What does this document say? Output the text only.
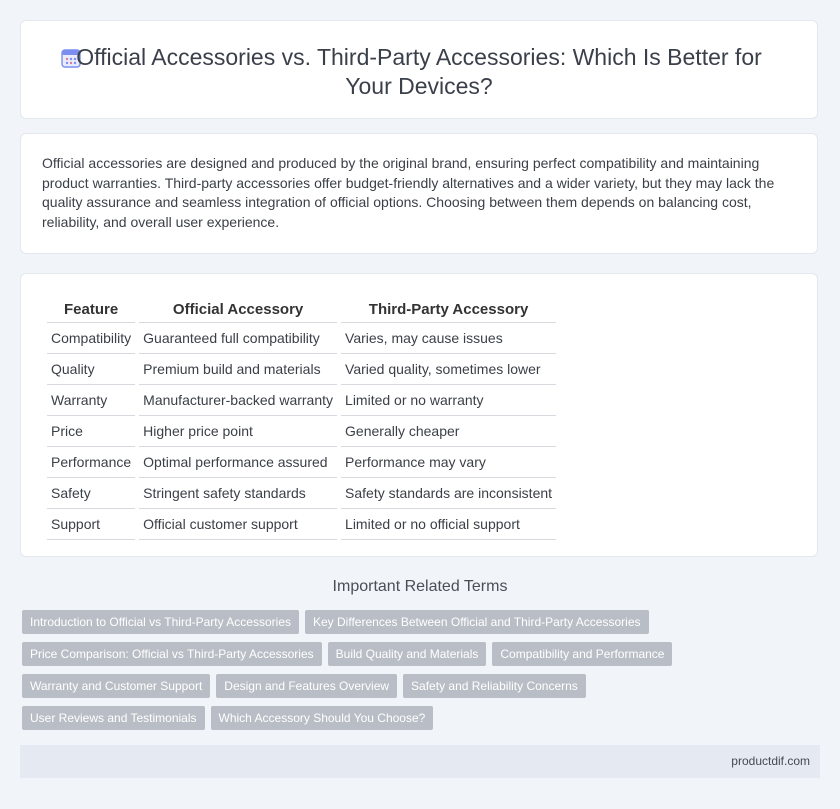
Official Accessories vs. Third-Party Accessories: Which Is Better for Your Devices?
Official accessories are designed and produced by the original brand, ensuring perfect compatibility and maintaining product warranties. Third-party accessories offer budget-friendly alternatives and a wider variety, but they may lack the quality assurance and seamless integration of official options. Choosing between them depends on balancing cost, reliability, and overall user experience.
Feature	Official Accessory	Third-Party Accessory
Compatibility	Guaranteed full compatibility	Varies, may cause issues
Quality	Premium build and materials	Varied quality, sometimes lower
Warranty	Manufacturer-backed warranty	Limited or no warranty
Price	Higher price point	Generally cheaper
Performance	Optimal performance assured	Performance may vary
Safety	Stringent safety standards	Safety standards are inconsistent
Support	Official customer support	Limited or no official support
Important Related Terms
Introduction to Official vs Third-Party Accessories	Key Differences Between Official and Third-Party Accessories
Price Comparison: Official vs Third-Party Accessories	Build Quality and Materials	Compatibility and Performance
Warranty and Customer Support	Design and Features Overview	Safety and Reliability Concerns
User Reviews and Testimonials	Which Accessory Should You Choose?
productdif.com
